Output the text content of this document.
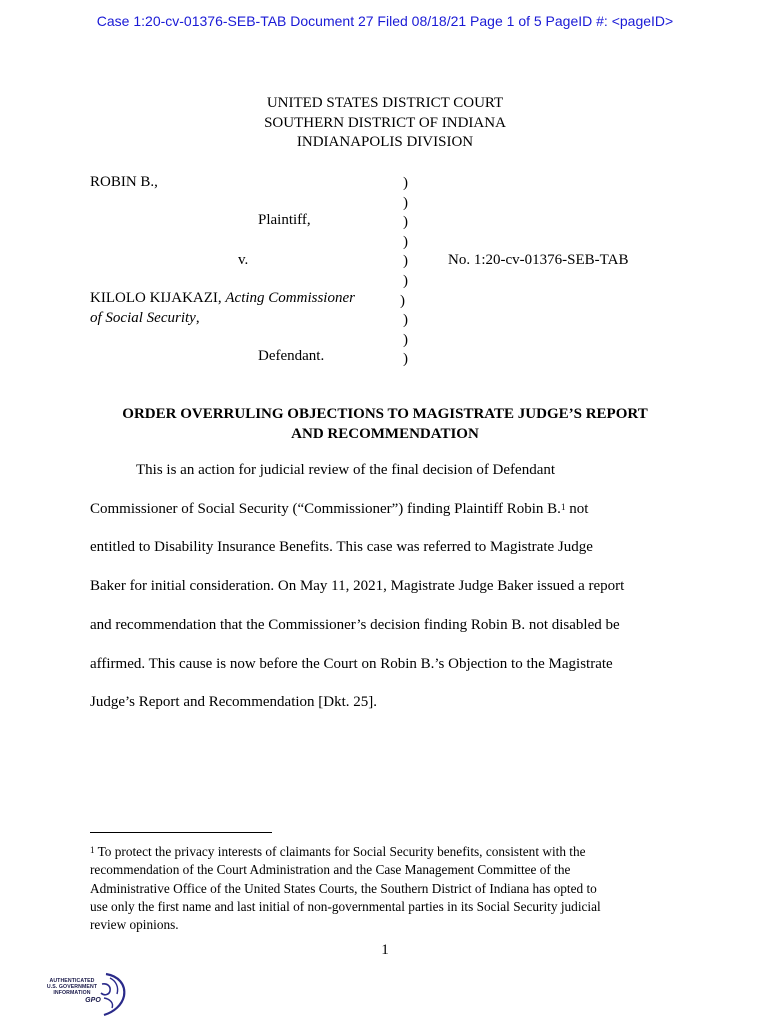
Case 1:20-cv-01376-SEB-TAB Document 27 Filed 08/18/21 Page 1 of 5 PageID #: <pageID>
UNITED STATES DISTRICT COURT
SOUTHERN DISTRICT OF INDIANA
INDIANAPOLIS DIVISION
ROBIN B.,
Plaintiff,
v.
KILOLO KIJAKAZI, Acting Commissioner
of Social Security,
Defendant.
No. 1:20-cv-01376-SEB-TAB
)
)
)
)
)
)
)
)
)
)
ORDER OVERRULING OBJECTIONS TO MAGISTRATE JUDGE’S REPORT
AND RECOMMENDATION
This is an action for judicial review of the final decision of Defendant
Commissioner of Social Security (“Commissioner”) finding Plaintiff Robin B.$^1$ not
entitled to Disability Insurance Benefits. This case was referred to Magistrate Judge
Baker for initial consideration. On May 11, 2021, Magistrate Judge Baker issued a report
and recommendation that the Commissioner’s decision finding Robin B. not disabled be
affirmed. This cause is now before the Court on Robin B.’s Objection to the Magistrate
Judge’s Report and Recommendation [Dkt. 25].
$^1$ To protect the privacy interests of claimants for Social Security benefits, consistent with the
recommendation of the Court Administration and the Case Management Committee of the
Administrative Office of the United States Courts, the Southern District of Indiana has opted to
use only the first name and last initial of non-governmental parties in its Social Security judicial
review opinions.
1
AUTHENTICATED
U.S. GOVERNMENT
INFORMATION
GPO
